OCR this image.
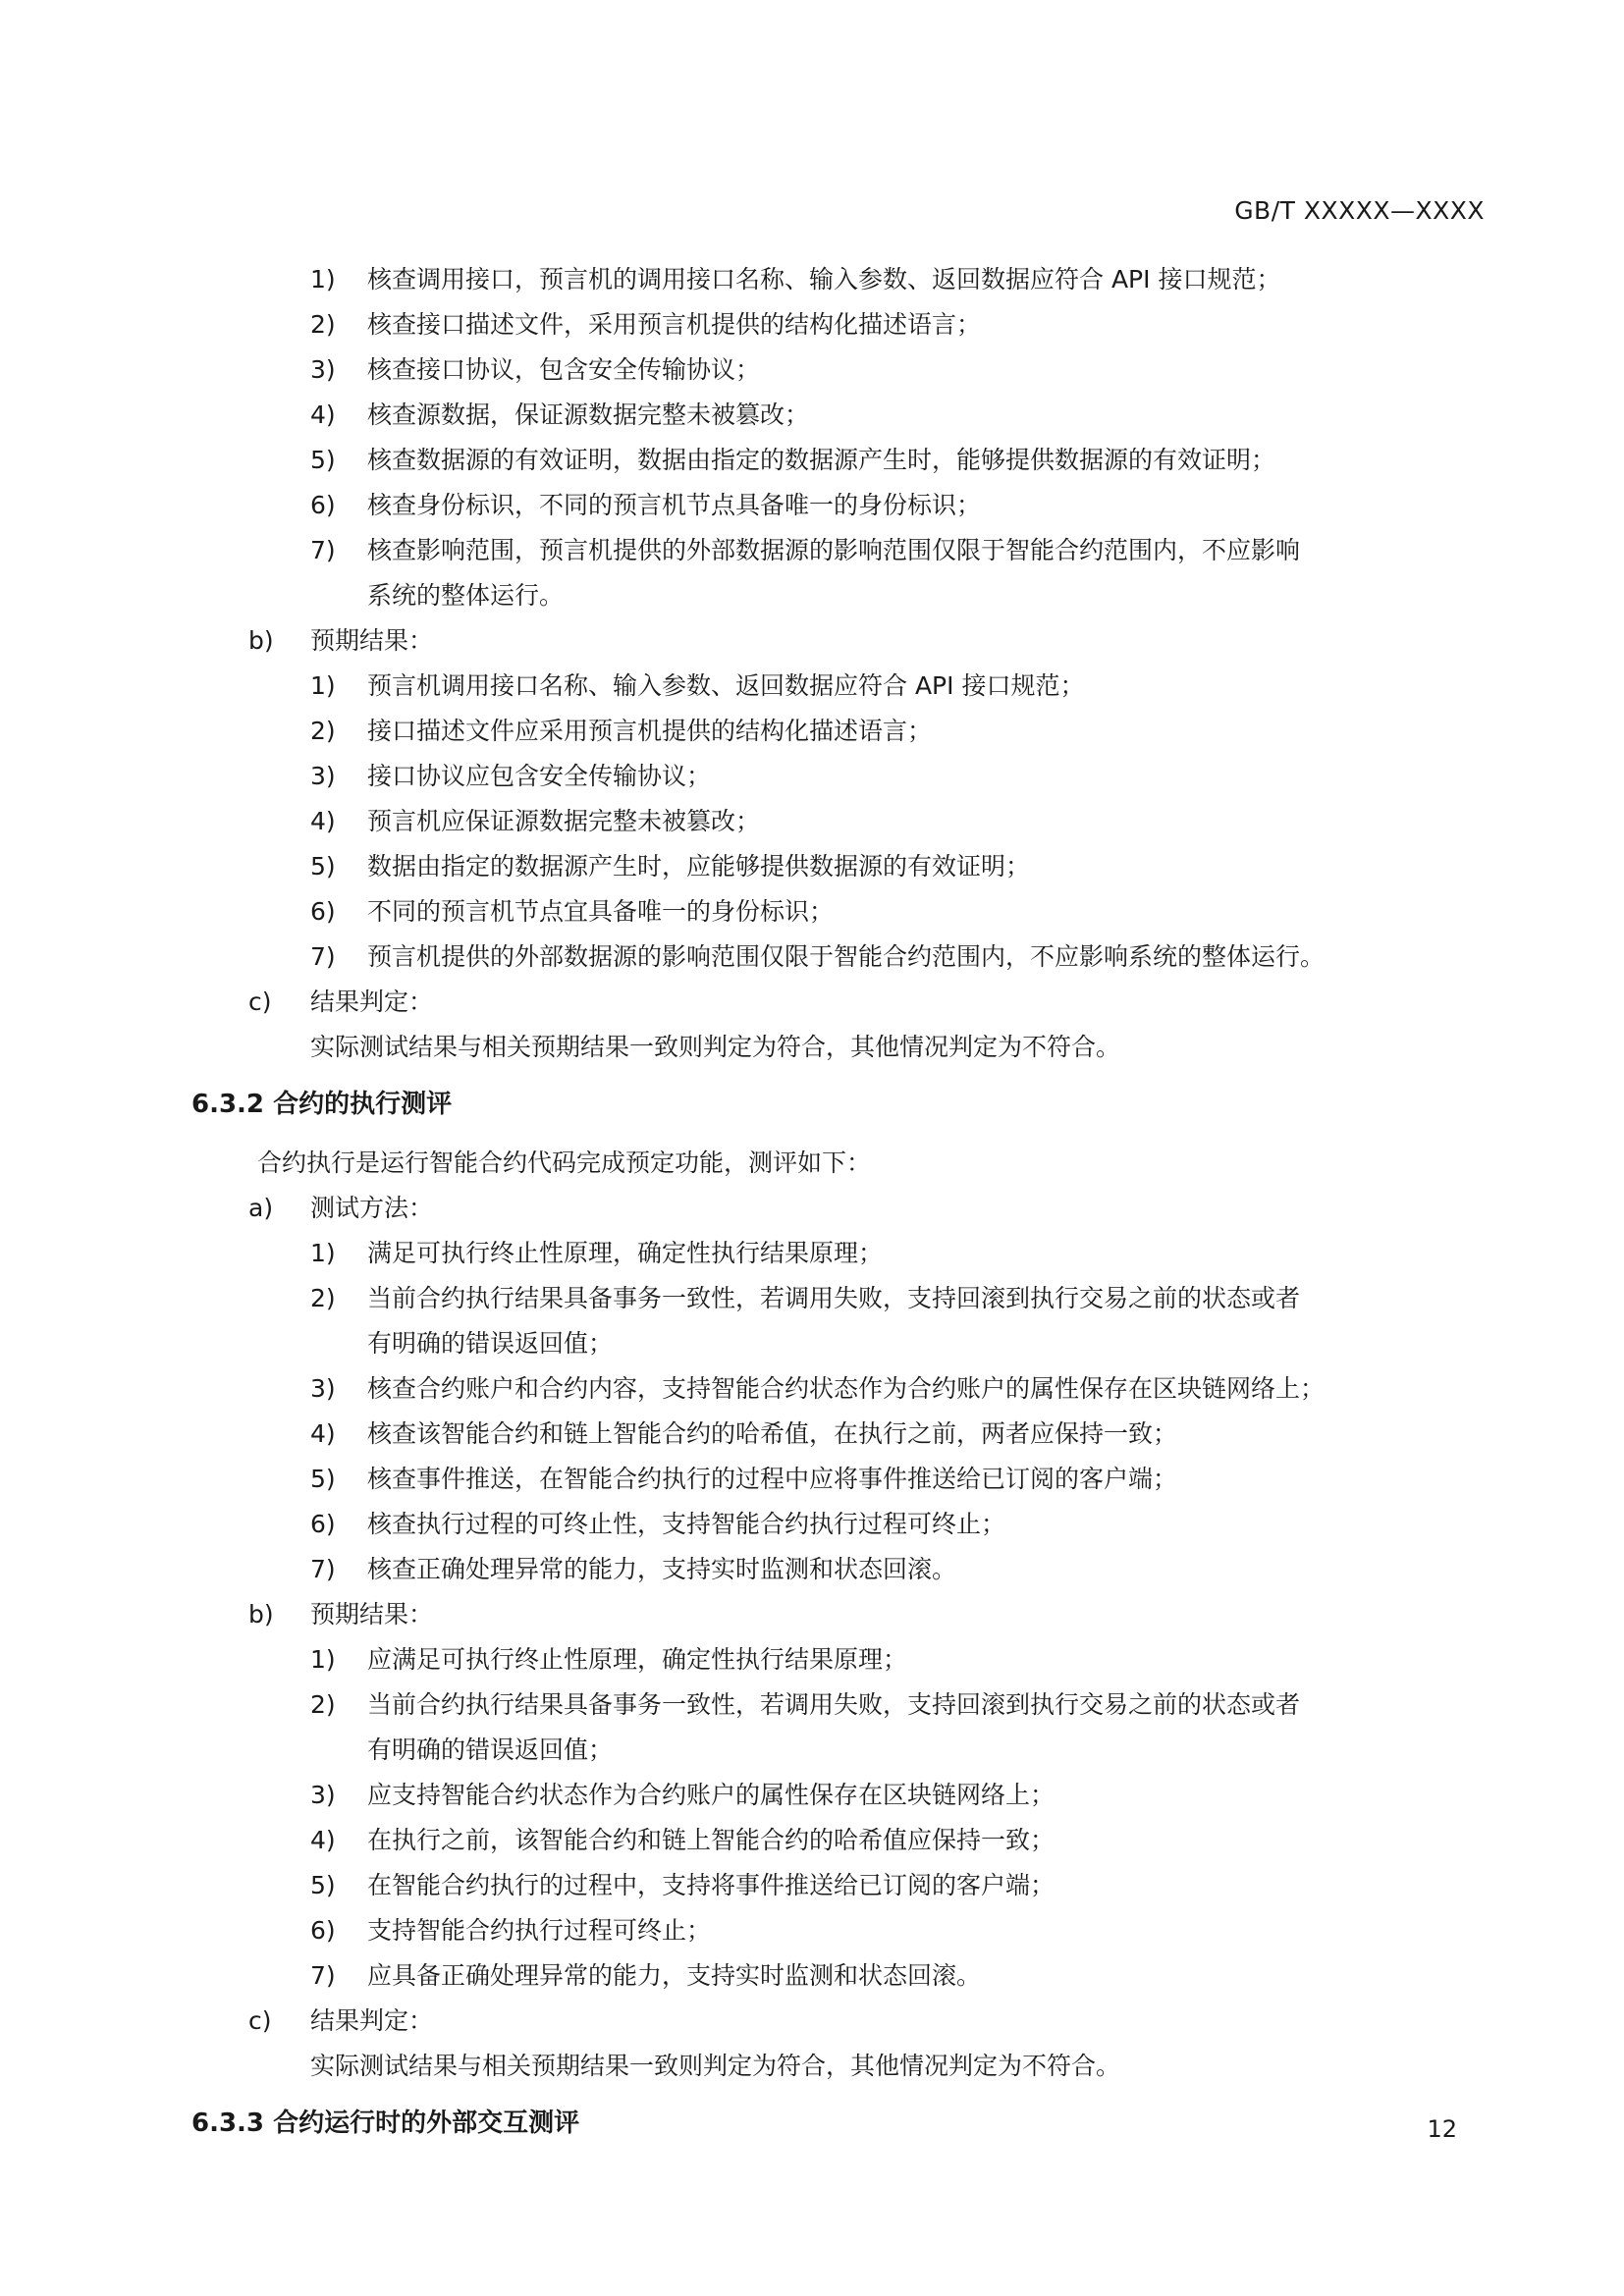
GB/T XXXXX—XXXX
1) 核查调用接口，预言机的调用接口名称、输入参数、返回数据应符合 API 接口规范；
2) 核查接口描述文件，采用预言机提供的结构化描述语言；
3) 核查接口协议，包含安全传输协议；
4) 核查源数据，保证源数据完整未被篡改；
5) 核查数据源的有效证明，数据由指定的数据源产生时，能够提供数据源的有效证明；
6) 核查身份标识，不同的预言机节点具备唯一的身份标识；
7) 核查影响范围，预言机提供的外部数据源的影响范围仅限于智能合约范围内，不应影响
系统的整体运行。
b) 预期结果：
1) 预言机调用接口名称、输入参数、返回数据应符合 API 接口规范；
2) 接口描述文件应采用预言机提供的结构化描述语言；
3) 接口协议应包含安全传输协议；
4) 预言机应保证源数据完整未被篡改；
5) 数据由指定的数据源产生时，应能够提供数据源的有效证明；
6) 不同的预言机节点宜具备唯一的身份标识；
7) 预言机提供的外部数据源的影响范围仅限于智能合约范围内，不应影响系统的整体运行。
c) 结果判定：
实际测试结果与相关预期结果一致则判定为符合，其他情况判定为不符合。
6.3.2 合约的执行测评
合约执行是运行智能合约代码完成预定功能，测评如下：
a) 测试方法：
1) 满足可执行终止性原理，确定性执行结果原理；
2) 当前合约执行结果具备事务一致性，若调用失败，支持回滚到执行交易之前的状态或者
有明确的错误返回值；
3) 核查合约账户和合约内容，支持智能合约状态作为合约账户的属性保存在区块链网络上；
4) 核查该智能合约和链上智能合约的哈希值，在执行之前，两者应保持一致；
5) 核查事件推送，在智能合约执行的过程中应将事件推送给已订阅的客户端；
6) 核查执行过程的可终止性，支持智能合约执行过程可终止；
7) 核查正确处理异常的能力，支持实时监测和状态回滚。
b) 预期结果：
1) 应满足可执行终止性原理，确定性执行结果原理；
2) 当前合约执行结果具备事务一致性，若调用失败，支持回滚到执行交易之前的状态或者
有明确的错误返回值；
3) 应支持智能合约状态作为合约账户的属性保存在区块链网络上；
4) 在执行之前，该智能合约和链上智能合约的哈希值应保持一致；
5) 在智能合约执行的过程中，支持将事件推送给已订阅的客户端；
6) 支持智能合约执行过程可终止；
7) 应具备正确处理异常的能力，支持实时监测和状态回滚。
c) 结果判定：
实际测试结果与相关预期结果一致则判定为符合，其他情况判定为不符合。
6.3.3 合约运行时的外部交互测评	12
